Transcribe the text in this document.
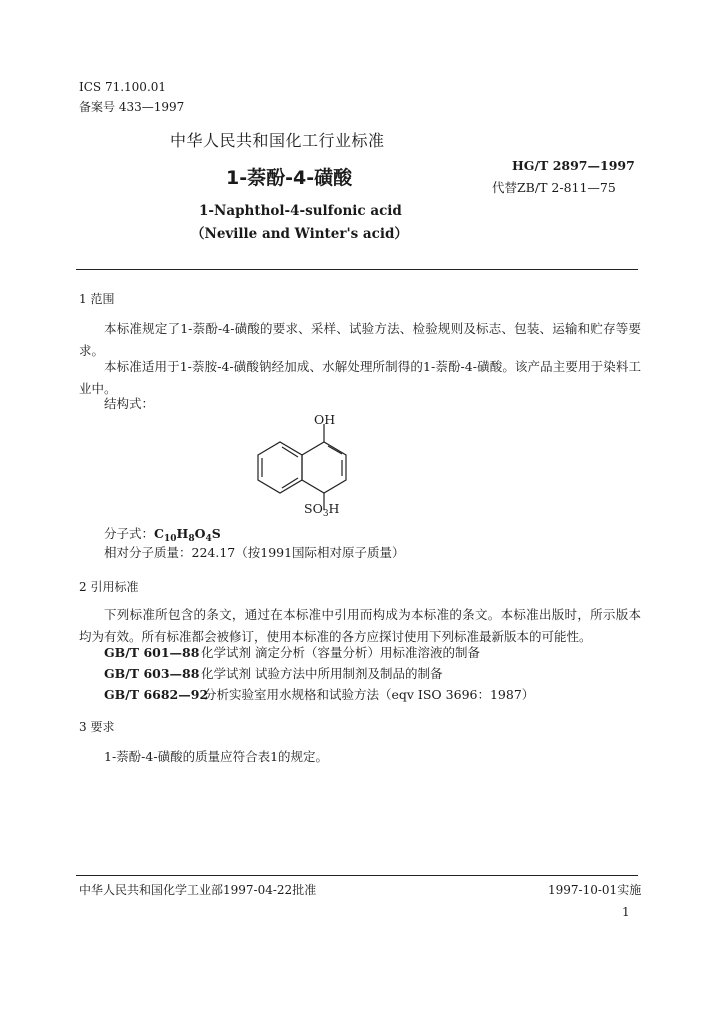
ICS 71.100.01
备案号 433—1997
中华人民共和国化工行业标准
1-萘酚-4-磺酸
HG/T 2897—1997
代替ZB/T 2-811—75
1-Naphthol-4-sulfonic acid
（Neville and Winter's acid）
1 范围
本标准规定了1-萘酚-4-磺酸的要求、采样、试验方法、检验规则及标志、包装、运输和贮存等要求。
本标准适用于1-萘胺-4-磺酸钠经加成、水解处理所制得的1-萘酚-4-磺酸。该产品主要用于染料工业中。
结构式：
OH
$SO_3H$
分子式：$C_{10}H_8O_4S$
相对分子质量：224.17（按1991国际相对原子质量）
2 引用标准
下列标准所包含的条文，通过在本标准中引用而构成为本标准的条文。本标准出版时，所示版本均为有效。所有标准都会被修订，使用本标准的各方应探讨使用下列标准最新版本的可能性。
GB/T 601—88 化学试剂 滴定分析（容量分析）用标准溶液的制备
GB/T 603—88 化学试剂 试验方法中所用制剂及制品的制备
GB/T 6682—92分析实验室用水规格和试验方法（eqv ISO 3696：1987）
3 要求
1-萘酚-4-磺酸的质量应符合表1的规定。
中华人民共和国化学工业部1997-04-22批准	1997-10-01实施
1
